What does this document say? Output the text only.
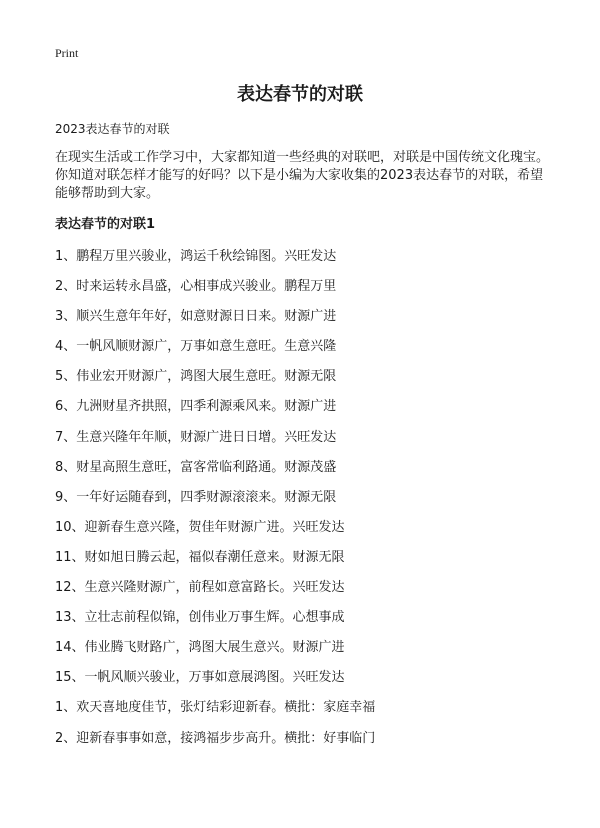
Print
表达春节的对联
2023表达春节的对联

在现实生活或工作学习中，大家都知道一些经典的对联吧，对联是中国传统文化瑰宝。你知道对联怎样才能写的好吗？以下是小编为大家收集的2023表达春节的对联，希望能够帮助到大家。

表达春节的对联1
1、鹏程万里兴骏业，鸿运千秋绘锦图。兴旺发达
2、时来运转永昌盛，心相事成兴骏业。鹏程万里
3、顺兴生意年年好，如意财源日日来。财源广进
4、一帆风顺财源广，万事如意生意旺。生意兴隆
5、伟业宏开财源广，鸿图大展生意旺。财源无限
6、九洲财星齐拱照，四季利源乘风来。财源广进
7、生意兴隆年年顺，财源广进日日增。兴旺发达
8、财星高照生意旺，富客常临利路通。财源茂盛
9、一年好运随春到，四季财源滚滚来。财源无限
10、迎新春生意兴隆，贺佳年财源广进。兴旺发达
11、财如旭日腾云起，福似春潮任意来。财源无限
12、生意兴隆财源广，前程如意富路长。兴旺发达
13、立壮志前程似锦，创伟业万事生辉。心想事成
14、伟业腾飞财路广，鸿图大展生意兴。财源广进
15、一帆风顺兴骏业，万事如意展鸿图。兴旺发达
1、欢天喜地度佳节，张灯结彩迎新春。横批：家庭幸福
2、迎新春事事如意，接鸿福步步高升。横批：好事临门
